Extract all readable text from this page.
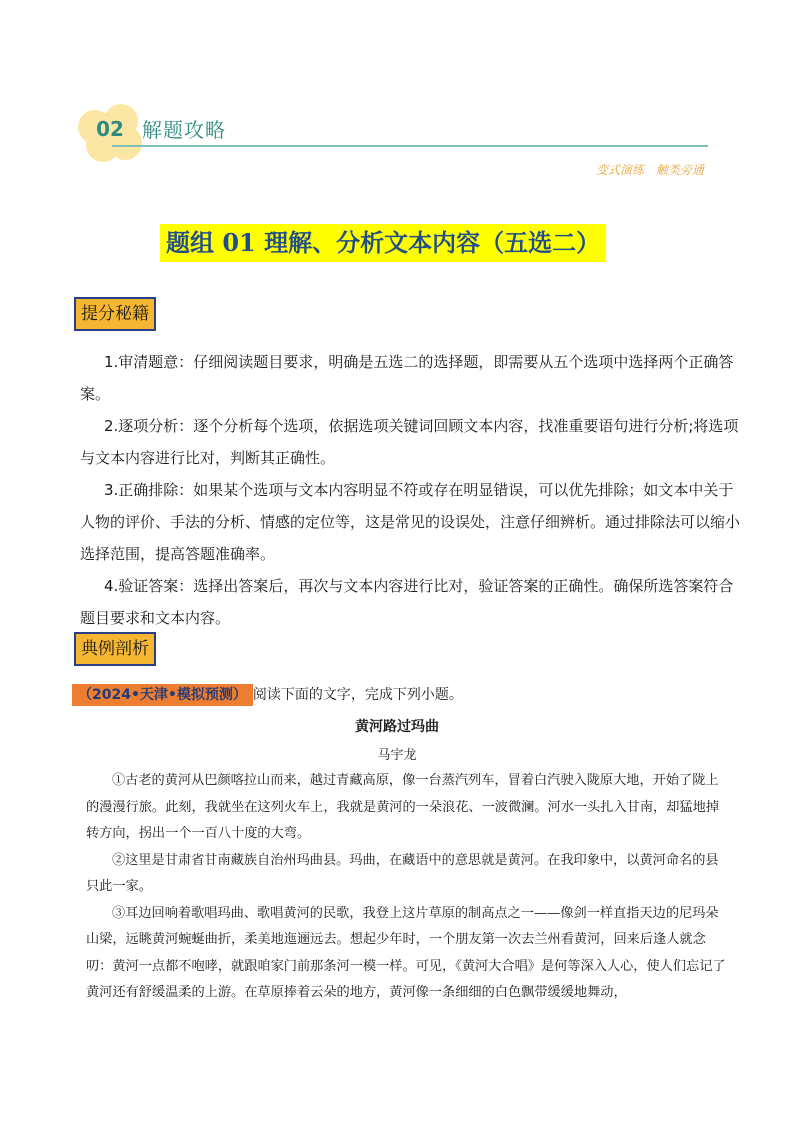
02 解题攻略
变式演练 触类旁通
题组 01 理解、分析文本内容（五选二）
提分秘籍

1.审清题意：仔细阅读题目要求，明确是五选二的选择题，即需要从五个选项中选择两个正确答案。

2.逐项分析：逐个分析每个选项，依据选项关键词回顾文本内容，找准重要语句进行分析;将选项与文本内容进行比对，判断其正确性。

3.正确排除：如果某个选项与文本内容明显不符或存在明显错误，可以优先排除；如文本中关于人物的评价、手法的分析、情感的定位等，这是常见的设误处，注意仔细辨析。通过排除法可以缩小选择范围，提高答题准确率。

4.验证答案：选择出答案后，再次与文本内容进行比对，验证答案的正确性。确保所选答案符合题目要求和文本内容。

典例剖析
（2024•天津•模拟预测） 阅读下面的文字，完成下列小题。
黄河路过玛曲
马宇龙

①古老的黄河从巴颜喀拉山而来，越过青藏高原，像一台蒸汽列车，冒着白汽驶入陇原大地，开始了陇上的漫漫行旅。此刻，我就坐在这列火车上，我就是黄河的一朵浪花、一波微澜。河水一头扎入甘南，却猛地掉转方向，拐出一个一百八十度的大弯。

②这里是甘肃省甘南藏族自治州玛曲县。玛曲，在藏语中的意思就是黄河。在我印象中，以黄河命名的县只此一家。

③耳边回响着歌唱玛曲、歌唱黄河的民歌，我登上这片草原的制高点之一——像剑一样直指天边的尼玛朵山梁，远眺黄河蜿蜒曲折，柔美地迤逦远去。想起少年时，一个朋友第一次去兰州看黄河，回来后逢人就念叨：黄河一点都不咆哮，就跟咱家门前那条河一模一样。可见，《黄河大合唱》是何等深入人心，使人们忘记了黄河还有舒缓温柔的上游。在草原捧着云朵的地方，黄河像一条细细的白色飘带缓缓地舞动，
